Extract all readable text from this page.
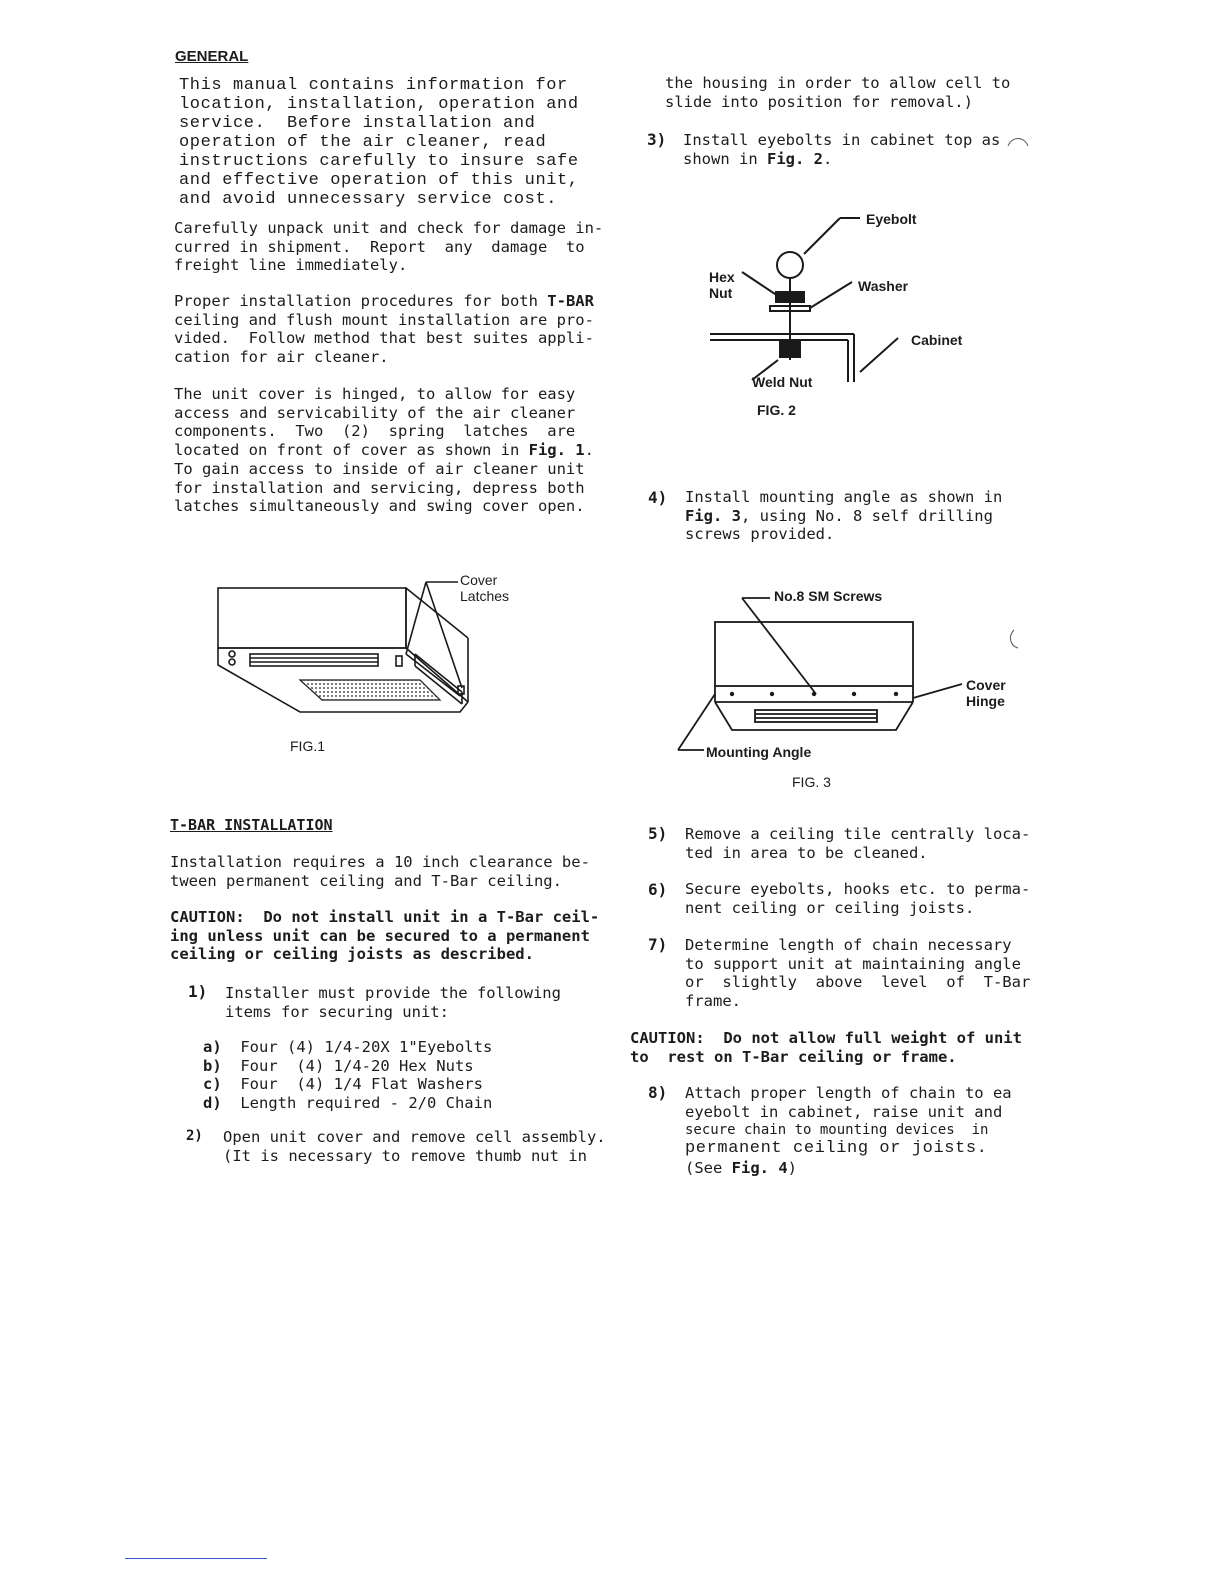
GENERAL
This manual contains information for
location, installation, operation and
service.  Before installation and
operation of the air cleaner, read
instructions carefully to insure safe
and effective operation of this unit,
and avoid unnecessary service cost.
Carefully unpack unit and check for damage in-
curred in shipment.  Report  any  damage  to
freight line immediately.
Proper installation procedures for both T-BAR
ceiling and flush mount installation are pro-
vided.  Follow method that best suites appli-
cation for air cleaner.
The unit cover is hinged, to allow for easy
access and servicability of the air cleaner
components.  Two  (2)  spring  latches  are
located on front of cover as shown in Fig. 1.
To gain access to inside of air cleaner unit
for installation and servicing, depress both
latches simultaneously and swing cover open.
Cover
Latches
FIG.1
T-BAR INSTALLATION
Installation requires a 10 inch clearance be-
tween permanent ceiling and T-Bar ceiling.
CAUTION:  Do not install unit in a T-Bar ceil-
ing unless unit can be secured to a permanent
ceiling or ceiling joists as described.
1) Installer must provide the following
items for securing unit:
a) Four (4) 1/4-20X 1"Eyebolts
b) Four  (4) 1/4-20 Hex Nuts
c) Four  (4) 1/4 Flat Washers
d) Length required - 2/0 Chain
2) Open unit cover and remove cell assembly.
(It is necessary to remove thumb nut in
the housing in order to allow cell to
slide into position for removal.)
3) Install eyebolts in cabinet top as
shown in Fig. 2.
Eyebolt
Hex
Nut	Washer
Cabinet
Weld Nut
FIG. 2
4) Install mounting angle as shown in
Fig. 3, using No. 8 self drilling
screws provided.
No.8 SM Screws
Cover
Hinge
Mounting Angle
FIG. 3
5) Remove a ceiling tile centrally loca-
ted in area to be cleaned.
6) Secure eyebolts, hooks etc. to perma-
nent ceiling or ceiling joists.
7) Determine length of chain necessary
to support unit at maintaining angle
or  slightly  above  level  of  T-Bar
frame.
CAUTION:  Do not allow full weight of unit
to  rest on T-Bar ceiling or frame.
8) Attach proper length of chain to ea
eyebolt in cabinet, raise unit and
secure chain to mounting devices  in
permanent ceiling or joists.
(See Fig. 4)
